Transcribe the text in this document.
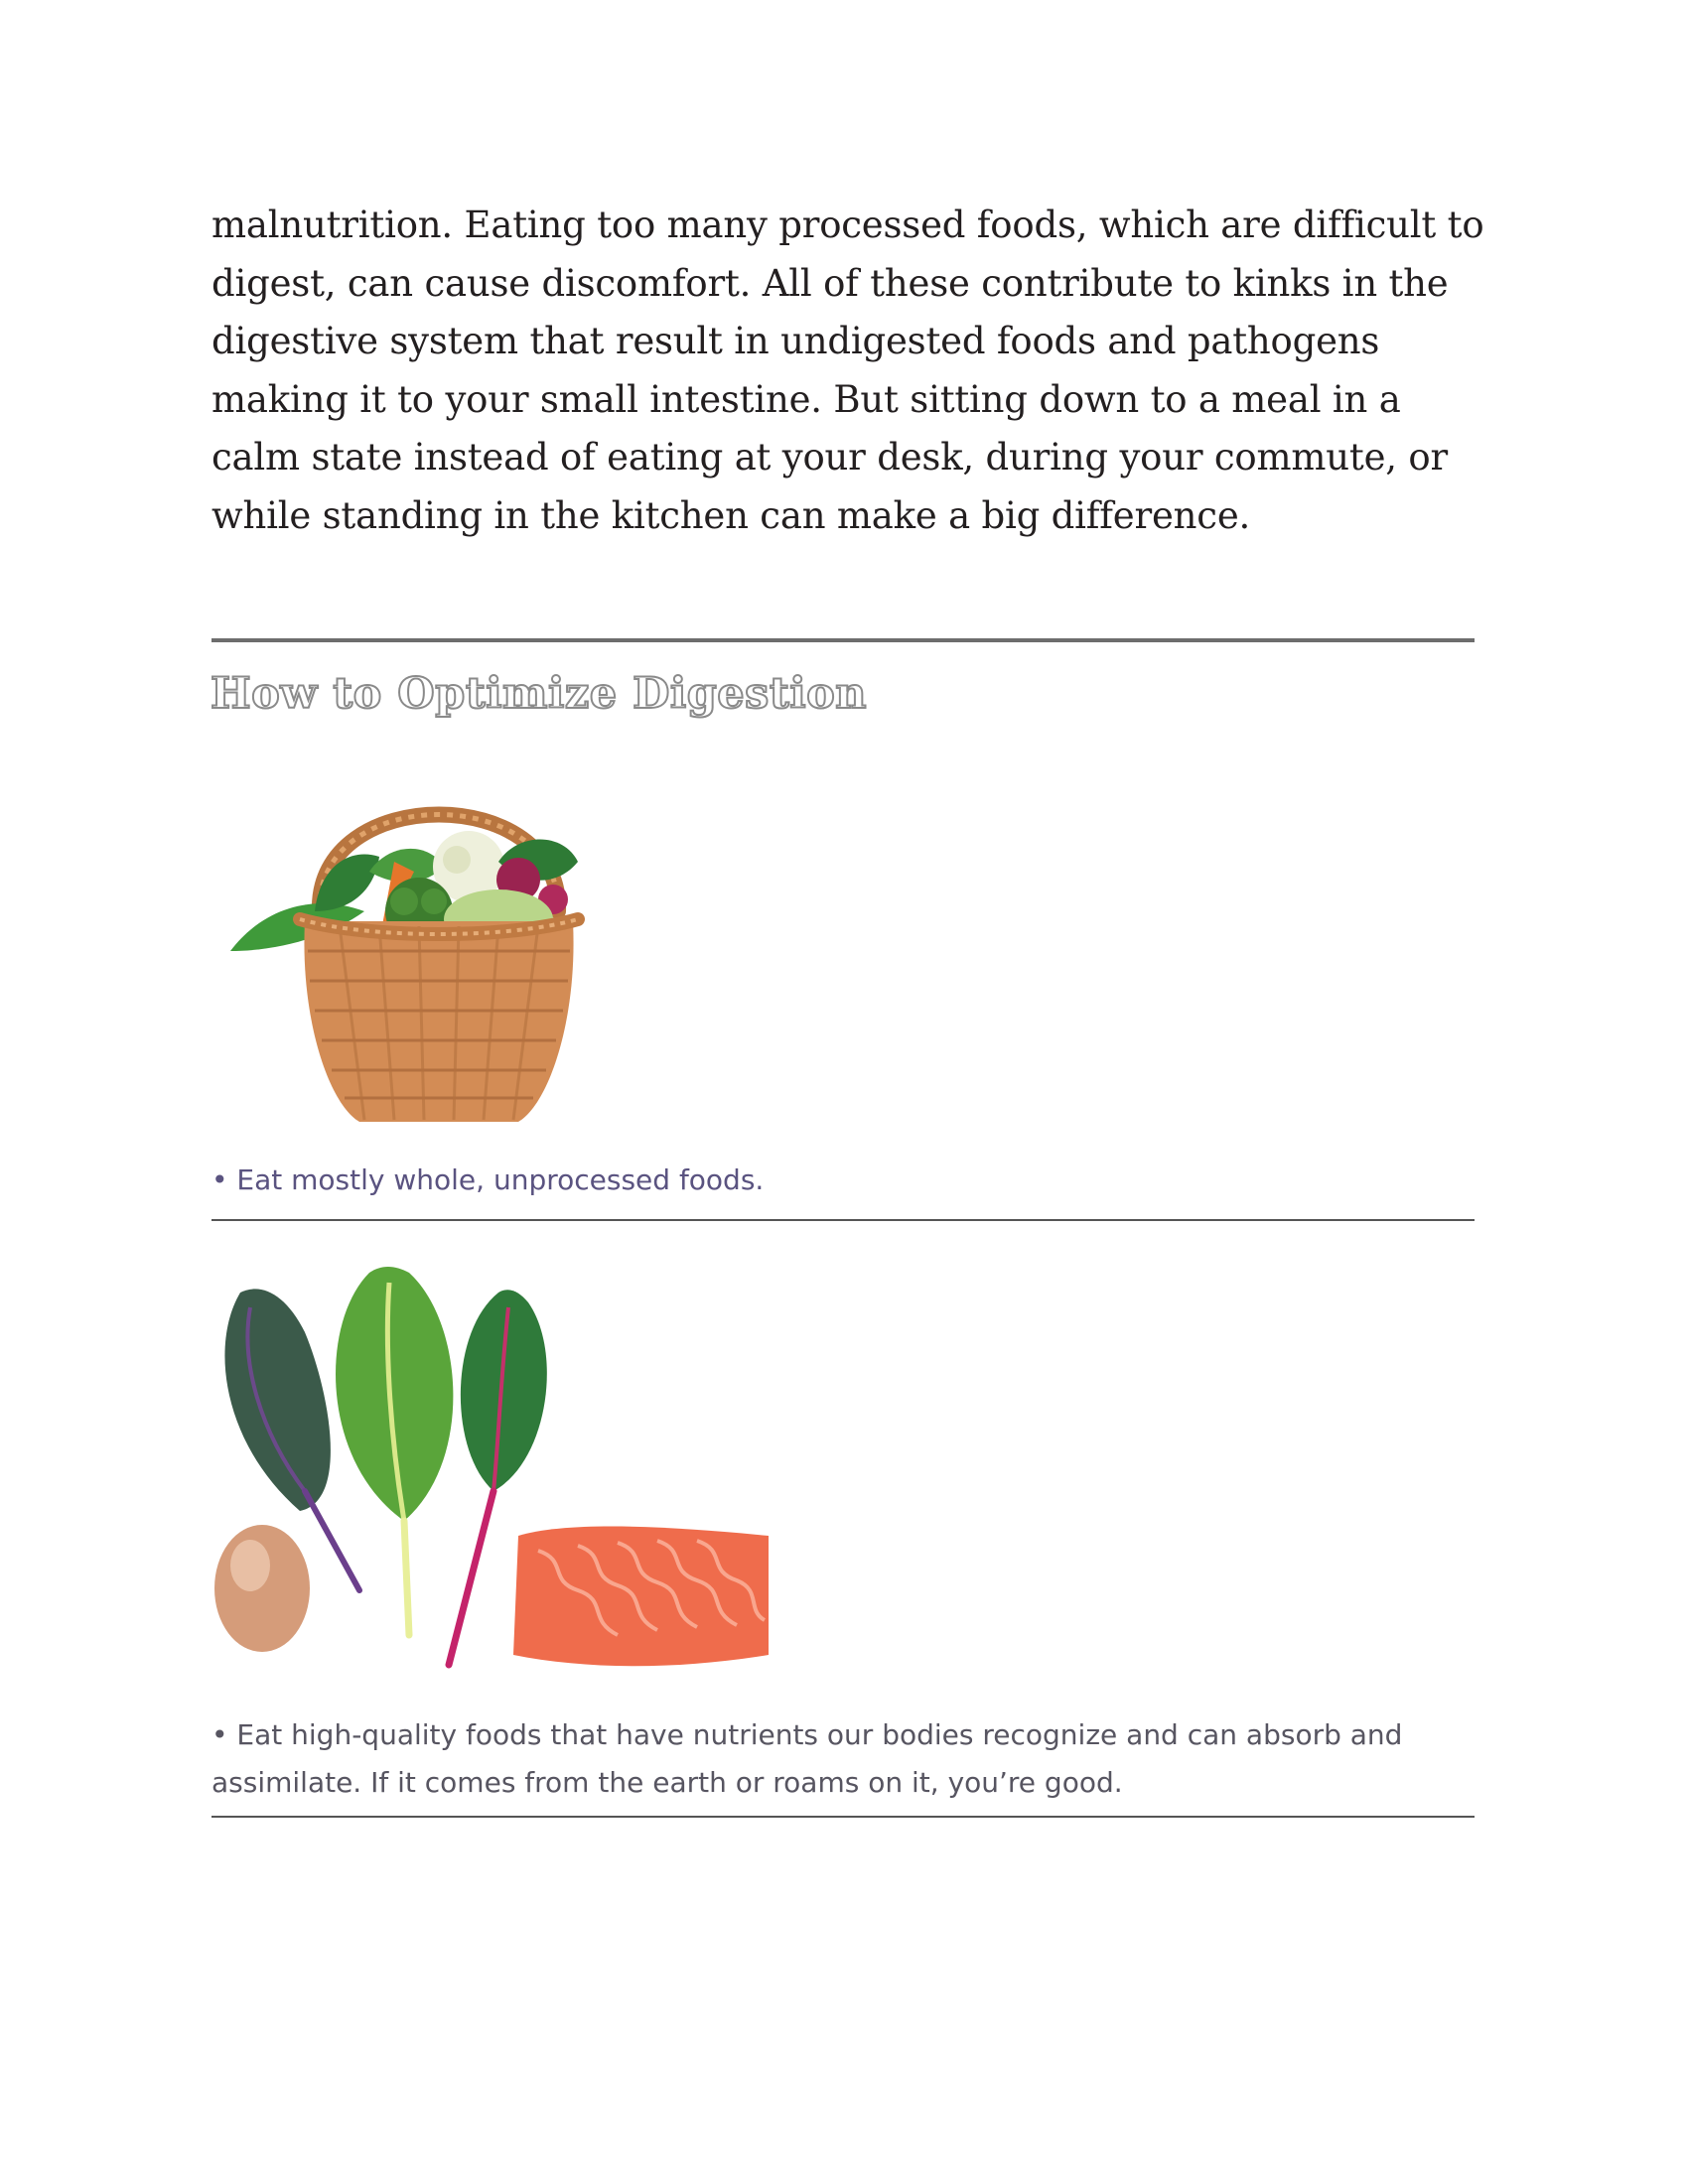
malnutrition. Eating too many processed foods, which are difficult to digest, can cause discomfort. All of these contribute to kinks in the digestive system that result in undigested foods and pathogens making it to your small intestine. But sitting down to a meal in a calm state instead of eating at your desk, during your commute, or while standing in the kitchen can make a big difference.

How to Optimize Digestion

• Eat mostly whole, unprocessed foods.

• Eat high-quality foods that have nutrients our bodies recognize and can absorb and assimilate. If it comes from the earth or roams on it, you’re good.
